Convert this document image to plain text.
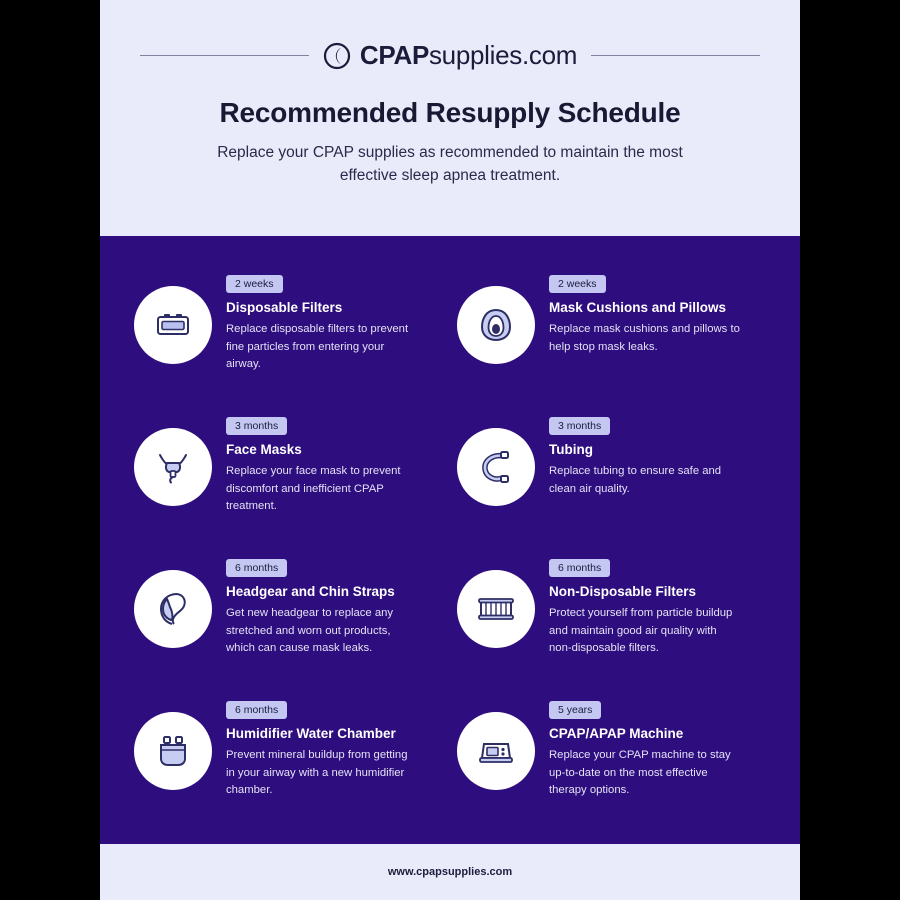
CPAPsupplies.com
Recommended Resupply Schedule
Replace your CPAP supplies as recommended to maintain the most effective sleep apnea treatment.
2 weeks
Disposable Filters
Replace disposable filters to prevent fine particles from entering your airway.
2 weeks
Mask Cushions and Pillows
Replace mask cushions and pillows to help stop mask leaks.
3 months
Face Masks
Replace your face mask to prevent discomfort and inefficient CPAP treatment.
3 months
Tubing
Replace tubing to ensure safe and clean air quality.
6 months
Headgear and Chin Straps
Get new headgear to replace any stretched and worn out products, which can cause mask leaks.
6 months
Non-Disposable Filters
Protect yourself from particle buildup and maintain good air quality with non-disposable filters.
6 months
Humidifier Water Chamber
Prevent mineral buildup from getting in your airway with a new humidifier chamber.
5 years
CPAP/APAP Machine
Replace your CPAP machine to stay up-to-date on the most effective therapy options.
www.cpapsupplies.com
